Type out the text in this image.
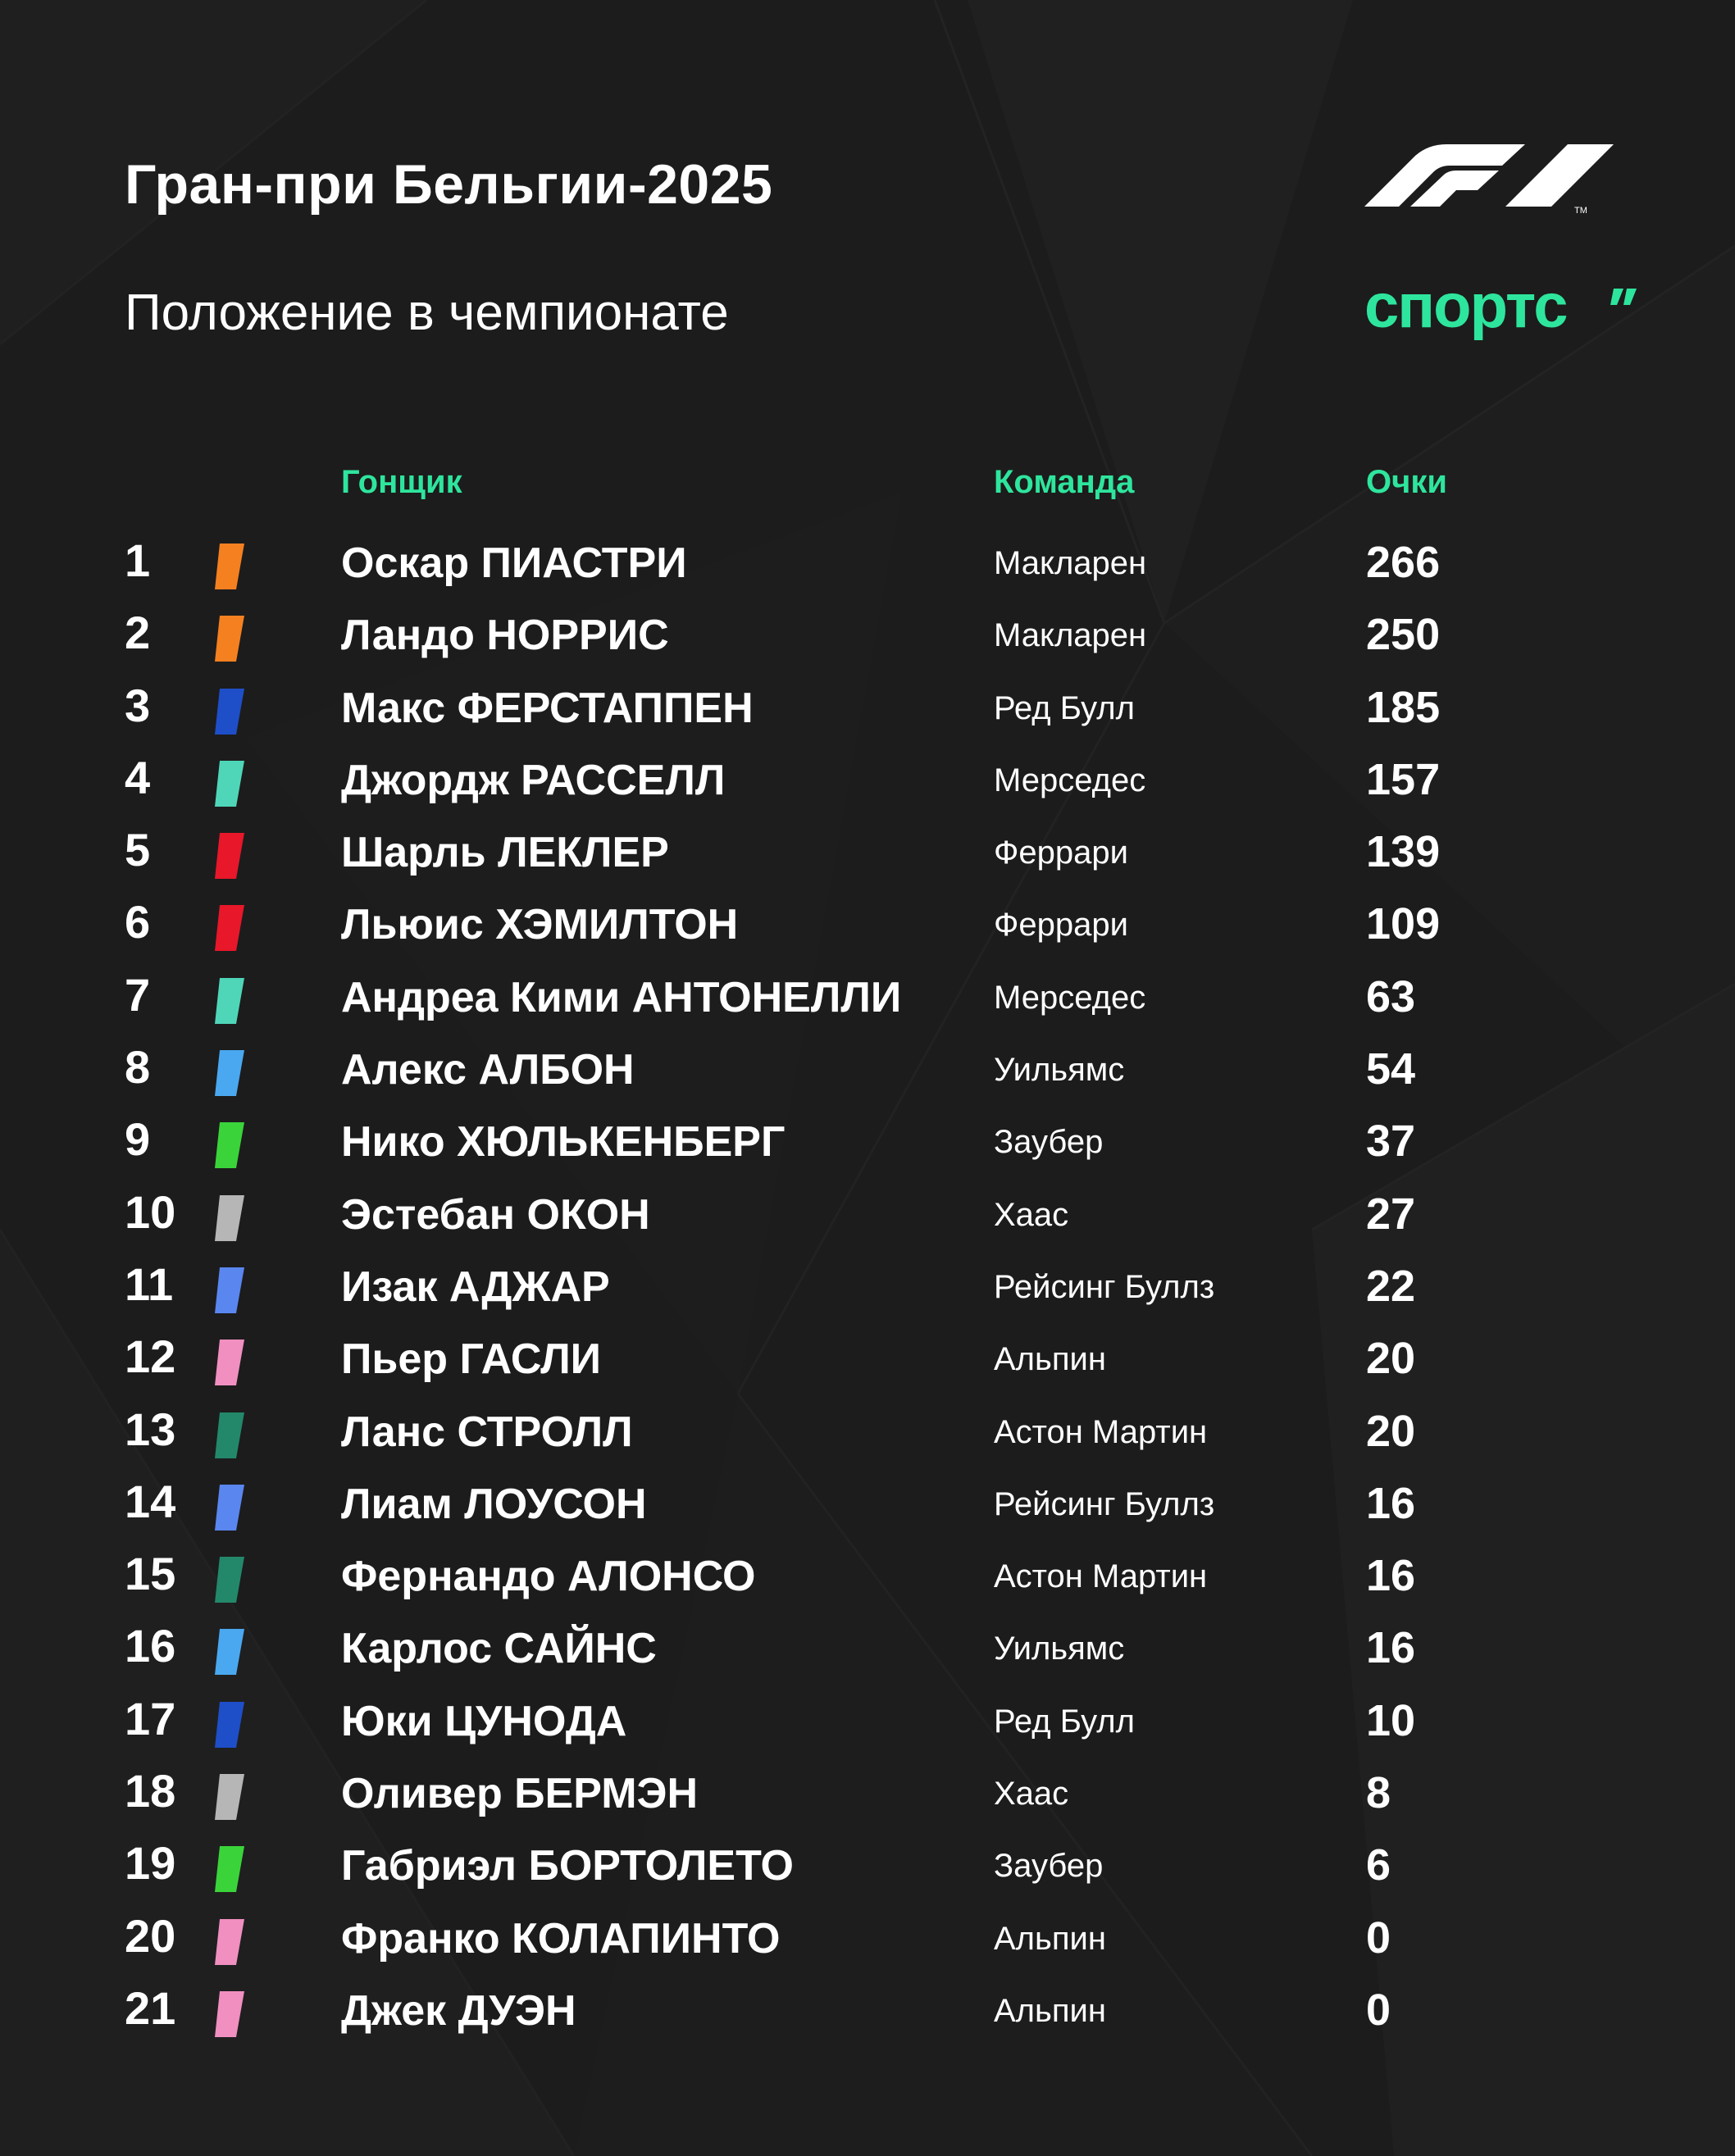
Гран-при Бельгии-2025
Положение в чемпионате
TM
спортс
Гонщик	Команда	Очки
1	Оскар ПИАСТРИ	Макларен	266
2	Ландо НОРРИС	Макларен	250
3	Макс ФЕРСТАППЕН	Ред Булл	185
4	Джордж РАССЕЛЛ	Мерседес	157
5	Шарль ЛЕКЛЕР	Феррари	139
6	Льюис ХЭМИЛТОН	Феррари	109
7	Андреа Кими АНТОНЕЛЛИ	Мерседес	63
8	Алекс АЛБОН	Уильямс	54
9	Нико ХЮЛЬКЕНБЕРГ	Заубер	37
10	Эстебан ОКОН	Хаас	27
11	Изак АДЖАР	Рейсинг Буллз	22
12	Пьер ГАСЛИ	Альпин	20
13	Ланс СТРОЛЛ	Астон Мартин	20
14	Лиам ЛОУСОН	Рейсинг Буллз	16
15	Фернандо АЛОНСО	Астон Мартин	16
16	Карлос САЙНС	Уильямс	16
17	Юки ЦУНОДА	Ред Булл	10
18	Оливер БЕРМЭН	Хаас	8
19	Габриэл БОРТОЛЕТО	Заубер	6
20	Франко КОЛАПИНТО	Альпин	0
21	Джек ДУЭН	Альпин	0
